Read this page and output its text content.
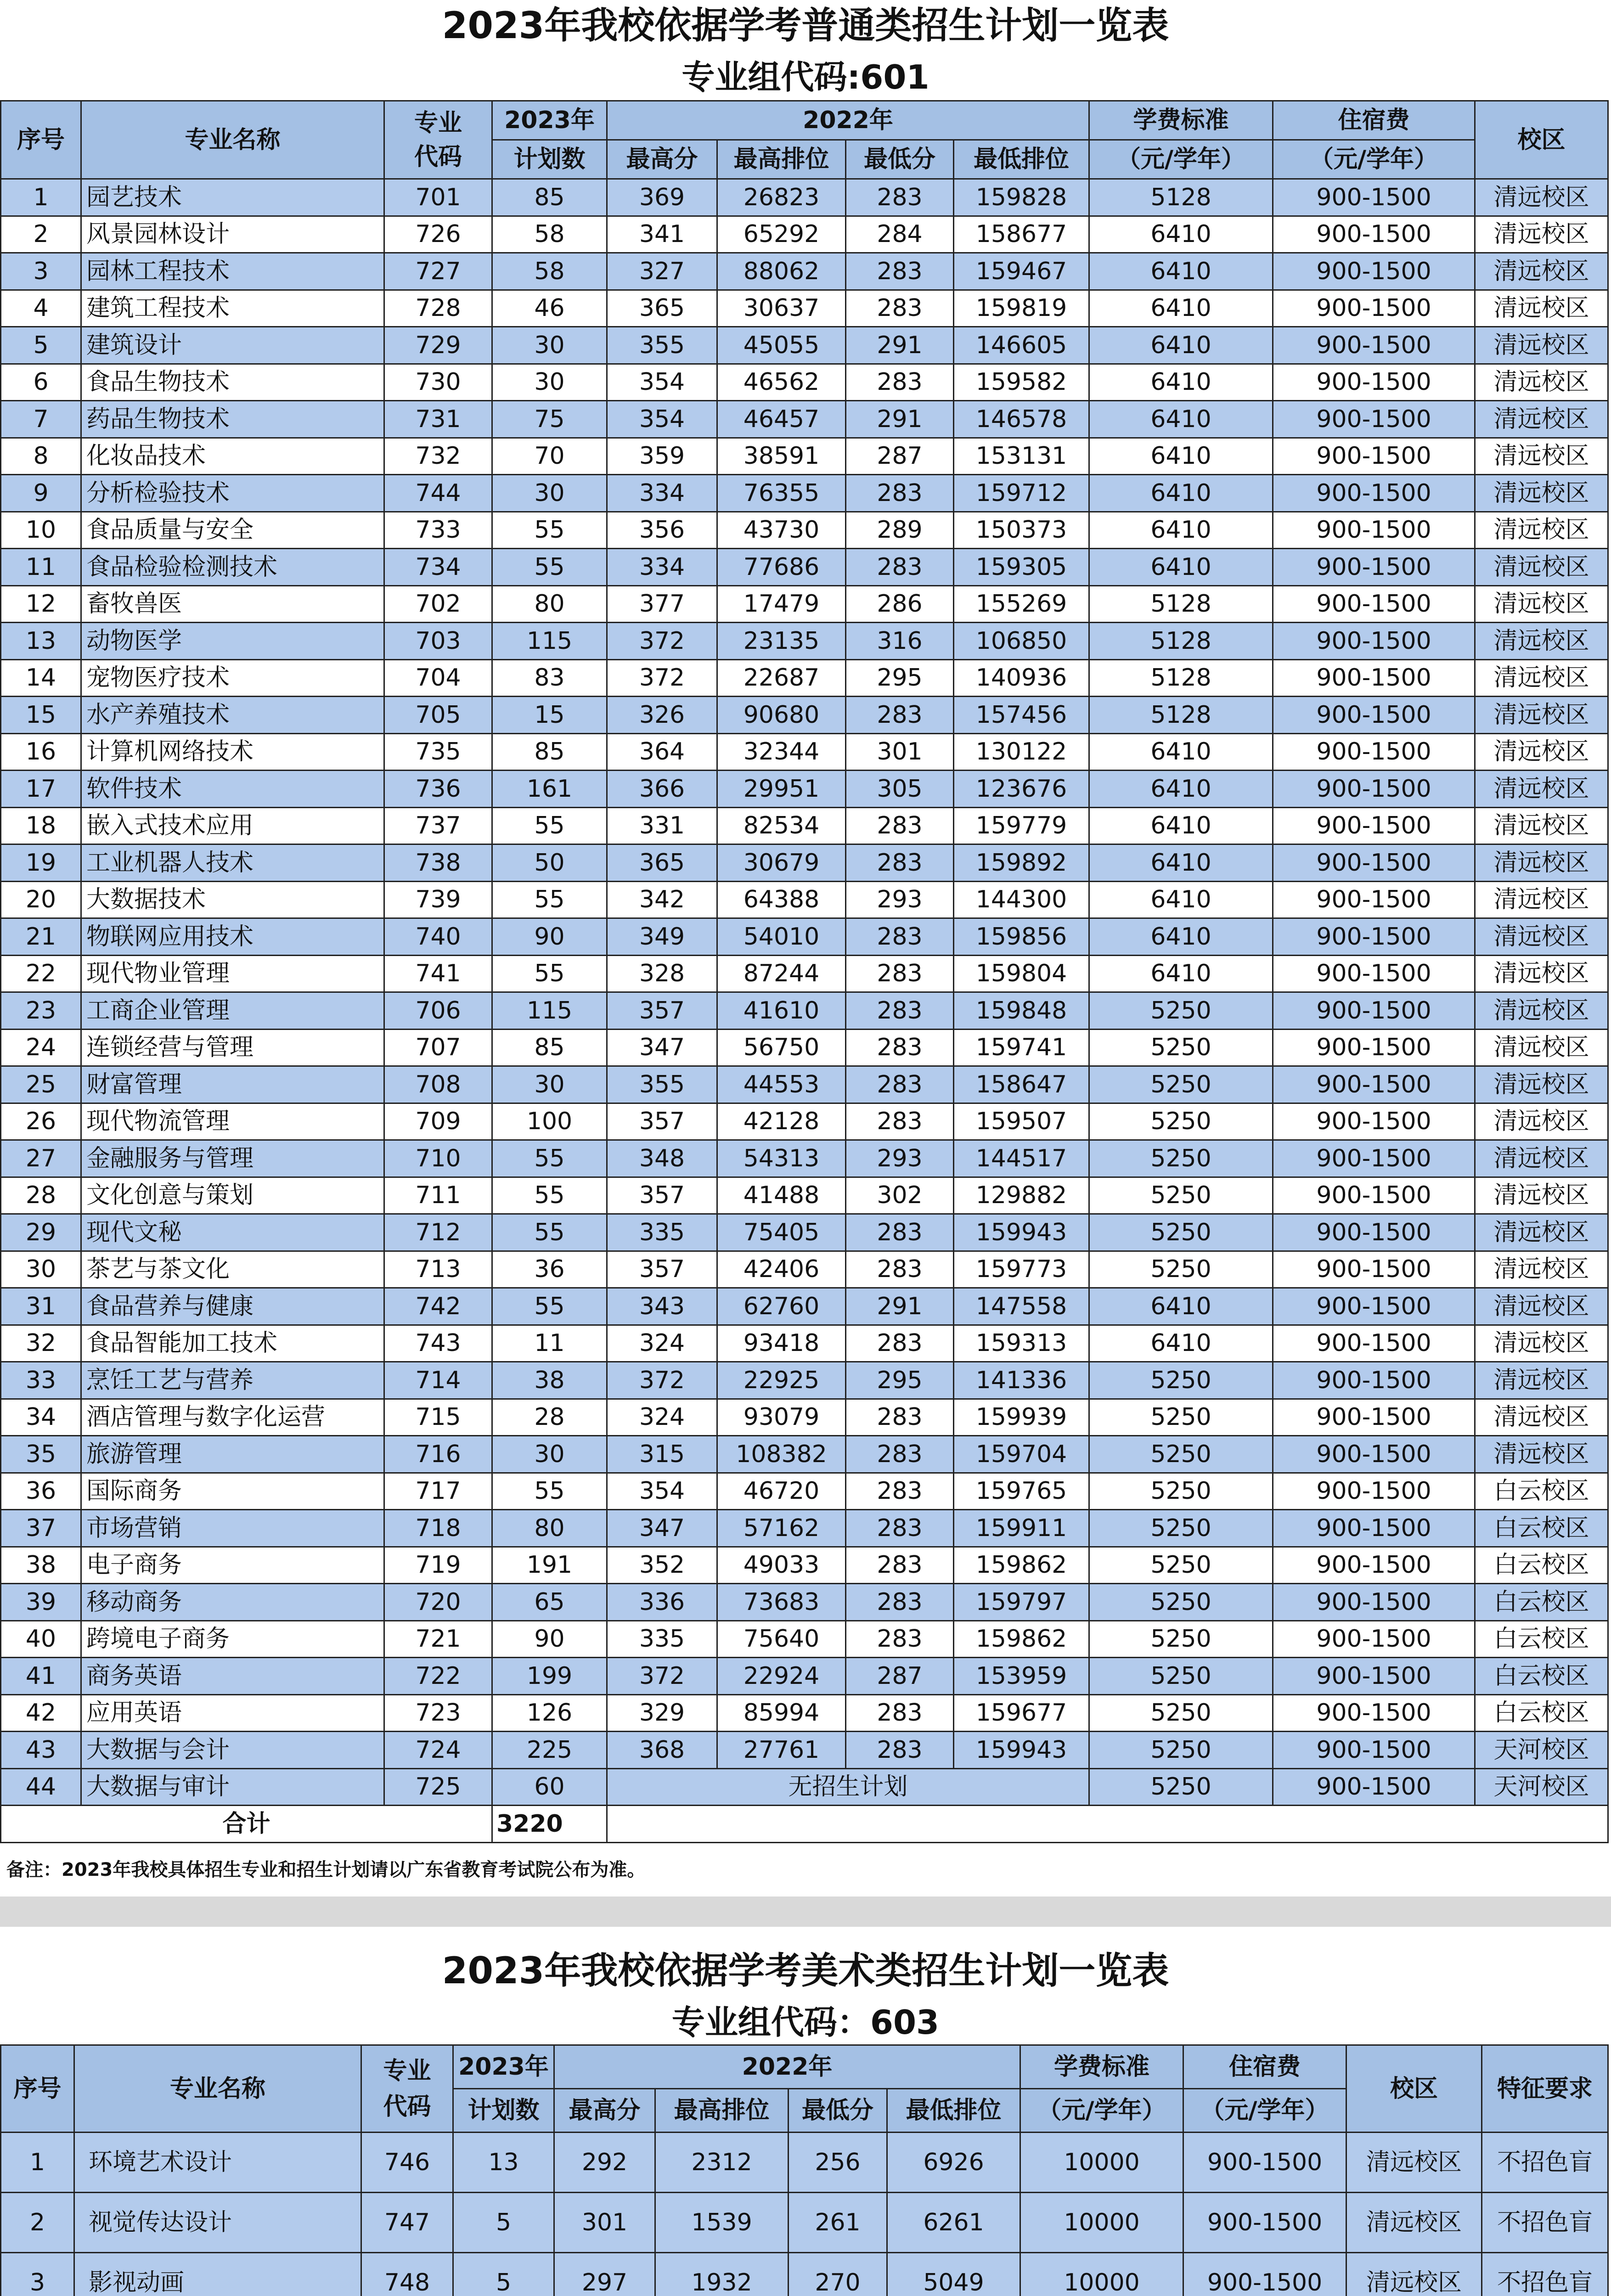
2023年我校依据学考普通类招生计划一览表
专业组代码:601
序号	专业名称	专业代码	2023年	2022年				学费标准	住宿费	校区
			计划数	最高分	最高排位	最低分	最低排位	（元/学年）	（元/学年）	
1	园艺技术	701	85	369	26823	283	159828	5128	900-1500	清远校区
2	风景园林设计	726	58	341	65292	284	158677	6410	900-1500	清远校区
3	园林工程技术	727	58	327	88062	283	159467	6410	900-1500	清远校区
4	建筑工程技术	728	46	365	30637	283	159819	6410	900-1500	清远校区
5	建筑设计	729	30	355	45055	291	146605	6410	900-1500	清远校区
6	食品生物技术	730	30	354	46562	283	159582	6410	900-1500	清远校区
7	药品生物技术	731	75	354	46457	291	146578	6410	900-1500	清远校区
8	化妆品技术	732	70	359	38591	287	153131	6410	900-1500	清远校区
9	分析检验技术	744	30	334	76355	283	159712	6410	900-1500	清远校区
10	食品质量与安全	733	55	356	43730	289	150373	6410	900-1500	清远校区
11	食品检验检测技术	734	55	334	77686	283	159305	6410	900-1500	清远校区
12	畜牧兽医	702	80	377	17479	286	155269	5128	900-1500	清远校区
13	动物医学	703	115	372	23135	316	106850	5128	900-1500	清远校区
14	宠物医疗技术	704	83	372	22687	295	140936	5128	900-1500	清远校区
15	水产养殖技术	705	15	326	90680	283	157456	5128	900-1500	清远校区
16	计算机网络技术	735	85	364	32344	301	130122	6410	900-1500	清远校区
17	软件技术	736	161	366	29951	305	123676	6410	900-1500	清远校区
18	嵌入式技术应用	737	55	331	82534	283	159779	6410	900-1500	清远校区
19	工业机器人技术	738	50	365	30679	283	159892	6410	900-1500	清远校区
20	大数据技术	739	55	342	64388	293	144300	6410	900-1500	清远校区
21	物联网应用技术	740	90	349	54010	283	159856	6410	900-1500	清远校区
22	现代物业管理	741	55	328	87244	283	159804	6410	900-1500	清远校区
23	工商企业管理	706	115	357	41610	283	159848	5250	900-1500	清远校区
24	连锁经营与管理	707	85	347	56750	283	159741	5250	900-1500	清远校区
25	财富管理	708	30	355	44553	283	158647	5250	900-1500	清远校区
26	现代物流管理	709	100	357	42128	283	159507	5250	900-1500	清远校区
27	金融服务与管理	710	55	348	54313	293	144517	5250	900-1500	清远校区
28	文化创意与策划	711	55	357	41488	302	129882	5250	900-1500	清远校区
29	现代文秘	712	55	335	75405	283	159943	5250	900-1500	清远校区
30	茶艺与茶文化	713	36	357	42406	283	159773	5250	900-1500	清远校区
31	食品营养与健康	742	55	343	62760	291	147558	6410	900-1500	清远校区
32	食品智能加工技术	743	11	324	93418	283	159313	6410	900-1500	清远校区
33	烹饪工艺与营养	714	38	372	22925	295	141336	5250	900-1500	清远校区
34	酒店管理与数字化运营	715	28	324	93079	283	159939	5250	900-1500	清远校区
35	旅游管理	716	30	315	108382	283	159704	5250	900-1500	清远校区
36	国际商务	717	55	354	46720	283	159765	5250	900-1500	白云校区
37	市场营销	718	80	347	57162	283	159911	5250	900-1500	白云校区
38	电子商务	719	191	352	49033	283	159862	5250	900-1500	白云校区
39	移动商务	720	65	336	73683	283	159797	5250	900-1500	白云校区
40	跨境电子商务	721	90	335	75640	283	159862	5250	900-1500	白云校区
41	商务英语	722	199	372	22924	287	153959	5250	900-1500	白云校区
42	应用英语	723	126	329	85994	283	159677	5250	900-1500	白云校区
43	大数据与会计	724	225	368	27761	283	159943	5250	900-1500	天河校区
44	大数据与审计	725	60	无招生计划				5250	900-1500	天河校区
合计			3220							
备注：2023年我校具体招生专业和招生计划请以广东省教育考试院公布为准。
2023年我校依据学考美术类招生计划一览表
专业组代码：603
序号	专业名称	专业代码	2023年	2022年				学费标准	住宿费	校区	特征要求
			计划数	最高分	最高排位	最低分	最低排位	（元/学年）	（元/学年）		
1	环境艺术设计	746	13	292	2312	256	6926	10000	900-1500	清远校区	不招色盲
2	视觉传达设计	747	5	301	1539	261	6261	10000	900-1500	清远校区	不招色盲
3	影视动画	748	5	297	1932	270	5049	10000	900-1500	清远校区	不招色盲
